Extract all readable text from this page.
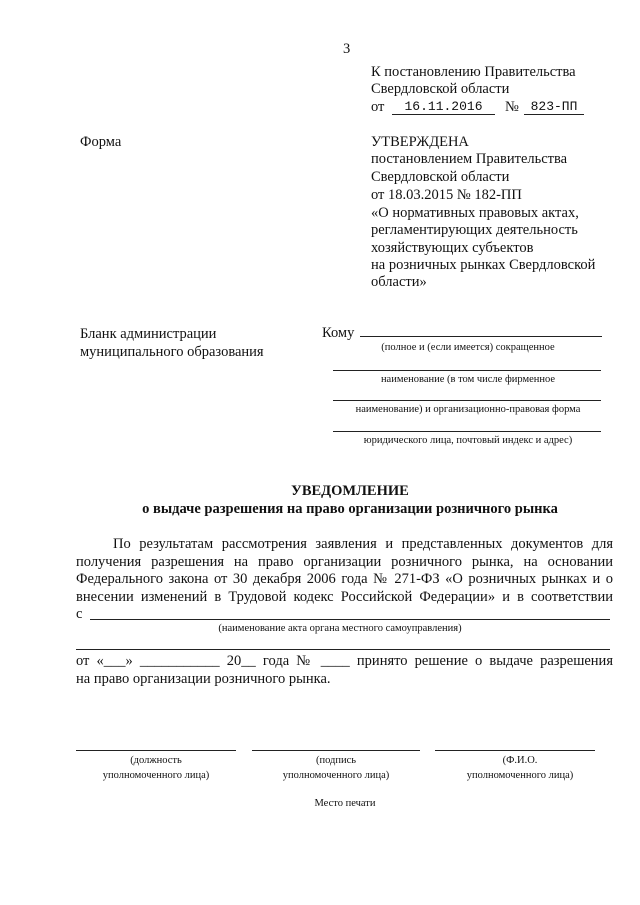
3
К постановлению Правительства
Свердловской области
от	16.11.2016	№ 823-ПП
Форма	УТВЕРЖДЕНА
постановлением Правительства
Свердловской области
от 18.03.2015 № 182-ПП
«О нормативных правовых актах,
регламентирующих деятельность
хозяйствующих субъектов
на розничных рынках Свердловской
области»
Бланк администрации
муниципального образования
Кому
(полное и (если имеется) сокращенное
наименование (в том числе фирменное
наименование) и организационно-правовая форма
юридического лица, почтовый индекс и адрес)
УВЕДОМЛЕНИЕ
о выдаче разрешения на право организации розничного рынка
По результатам рассмотрения заявления и представленных документов для
получения разрешения на право организации розничного рынка, на основании
Федерального закона от 30 декабря 2006 года № 271-ФЗ «О розничных рынках и о
внесении изменений в Трудовой кодекс Российской Федерации» и в соответствии
с
(наименование акта органа местного самоуправления)
от «___» ___________ 20__ года № ____ принято решение о выдаче разрешения
на право организации розничного рынка.
(должность
уполномоченного лица)
(подпись
уполномоченного лица)
(Ф.И.О.
уполномоченного лица)
Место печати
